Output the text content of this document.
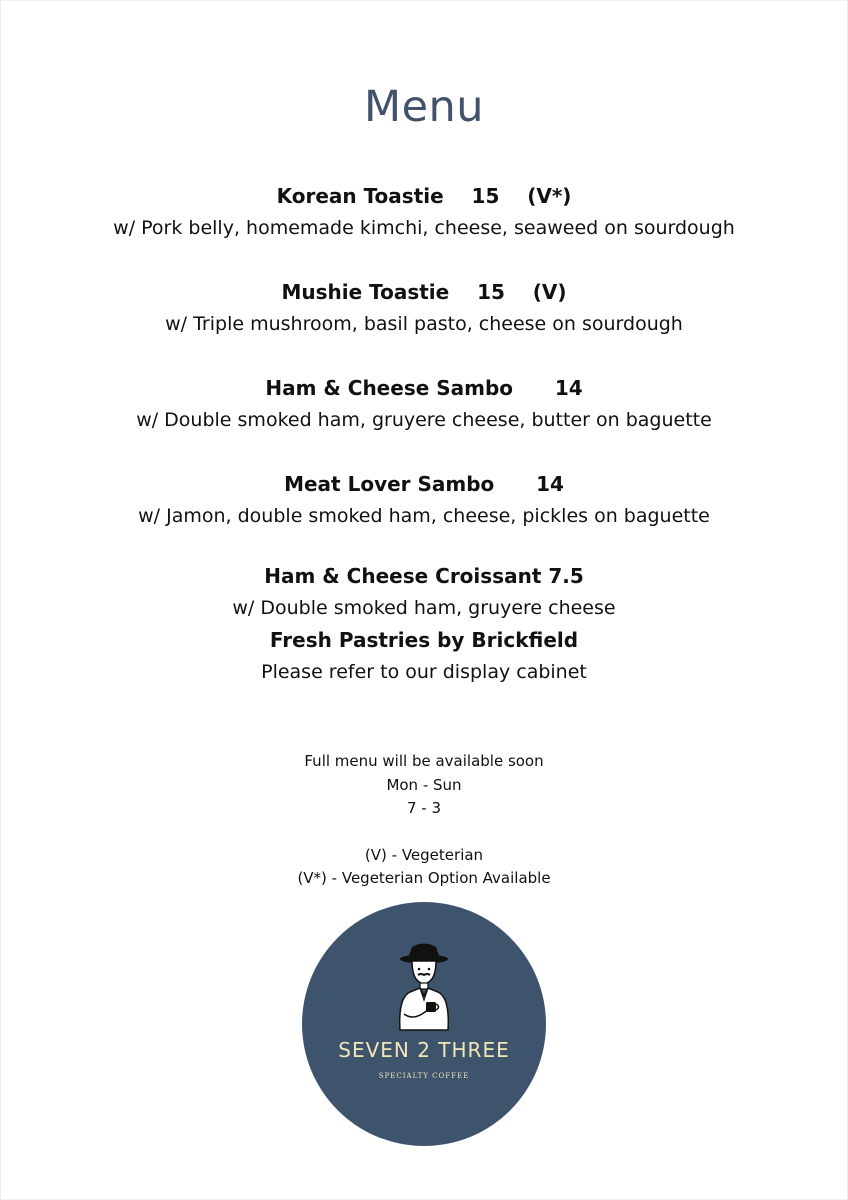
Menu
Korean Toastie    15    (V*)
w/ Pork belly, homemade kimchi, cheese, seaweed on sourdough
Mushie Toastie    15    (V)
w/ Triple mushroom, basil pasto, cheese on sourdough
Ham & Cheese Sambo      14
w/ Double smoked ham, gruyere cheese, butter on baguette
Meat Lover Sambo      14
w/ Jamon, double smoked ham, cheese, pickles on baguette
Ham & Cheese Croissant 7.5
w/ Double smoked ham, gruyere cheese
Fresh Pastries by Brickfield
Please refer to our display cabinet
Full menu will be available soon
Mon - Sun
7 - 3
(V) - Vegeterian
(V*) - Vegeterian Option Available
SEVEN 2 THREE
SPECIALTY COFFEE
